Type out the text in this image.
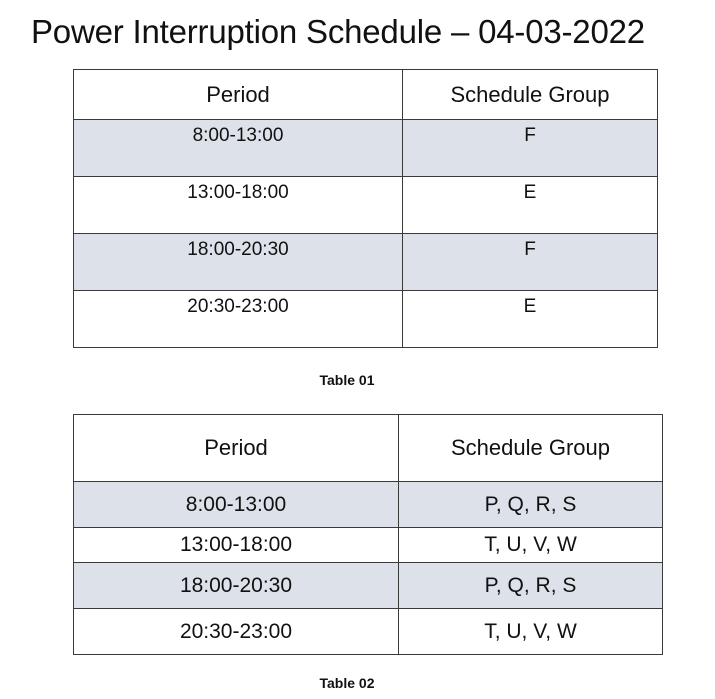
Power Interruption Schedule – 04-03-2022
Period	Schedule Group
8:00-13:00	F
13:00-18:00	E
18:00-20:30	F
20:30-23:00	E
Table 01
Period	Schedule Group
8:00-13:00	P, Q, R, S
13:00-18:00	T, U, V, W
18:00-20:30	P, Q, R, S
20:30-23:00	T, U, V, W
Table 02
